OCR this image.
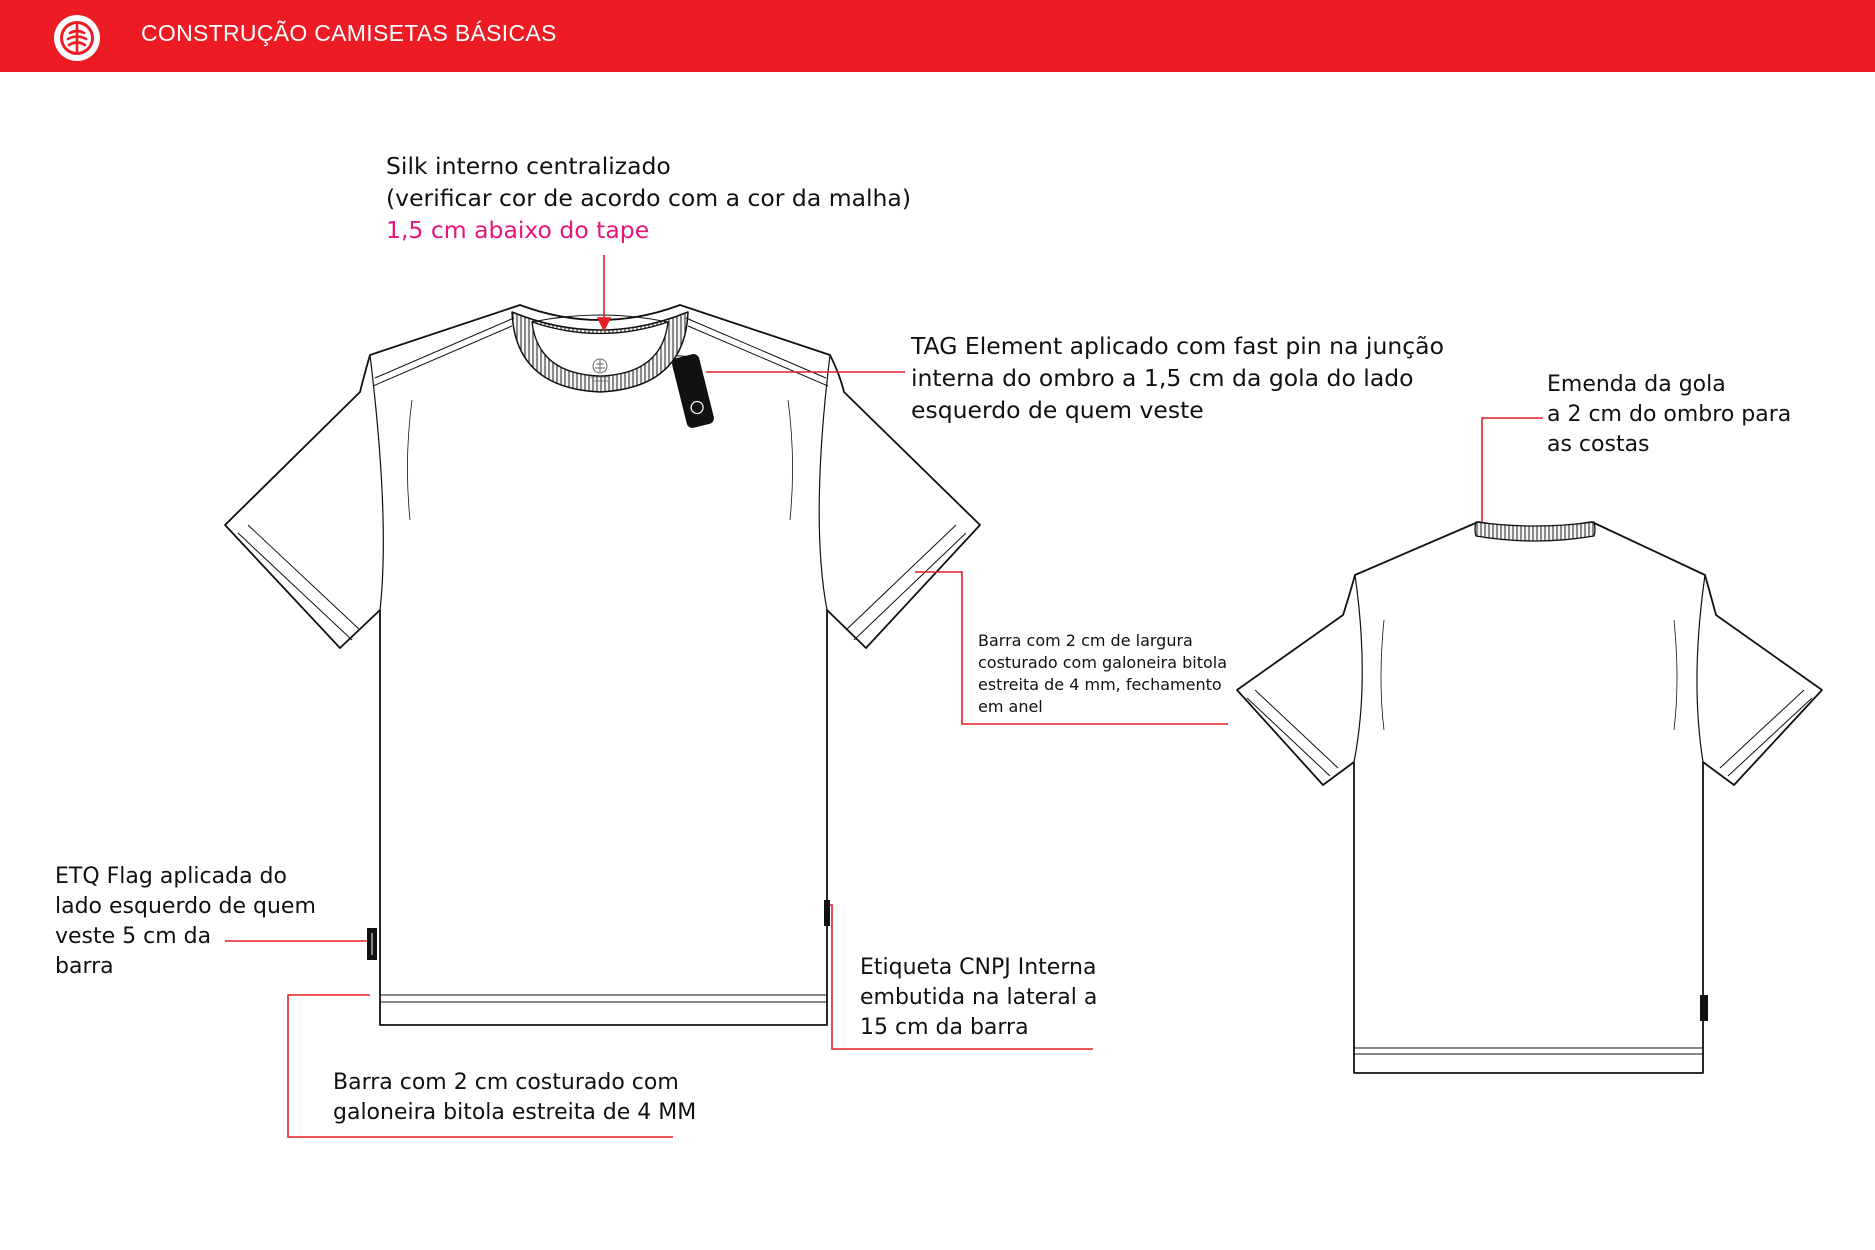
CONSTRUÇÃO CAMISETAS BÁSICAS
Silk interno centralizado
(verificar cor de acordo com a cor da malha)
1,5 cm abaixo do tape
TAG Element aplicado com fast pin na junção
interna do ombro a 1,5 cm da gola do lado
esquerdo de quem veste
Emenda da gola
a 2 cm do ombro para
as costas
Barra com 2 cm de largura
costurado com galoneira bitola
estreita de 4 mm, fechamento
em anel
ETQ Flag aplicada do
lado esquerdo de quem
veste 5 cm da
barra	Etiqueta CNPJ Interna
embutida na lateral a
15 cm da barra
Barra com 2 cm costurado com
galoneira bitola estreita de 4 MM
